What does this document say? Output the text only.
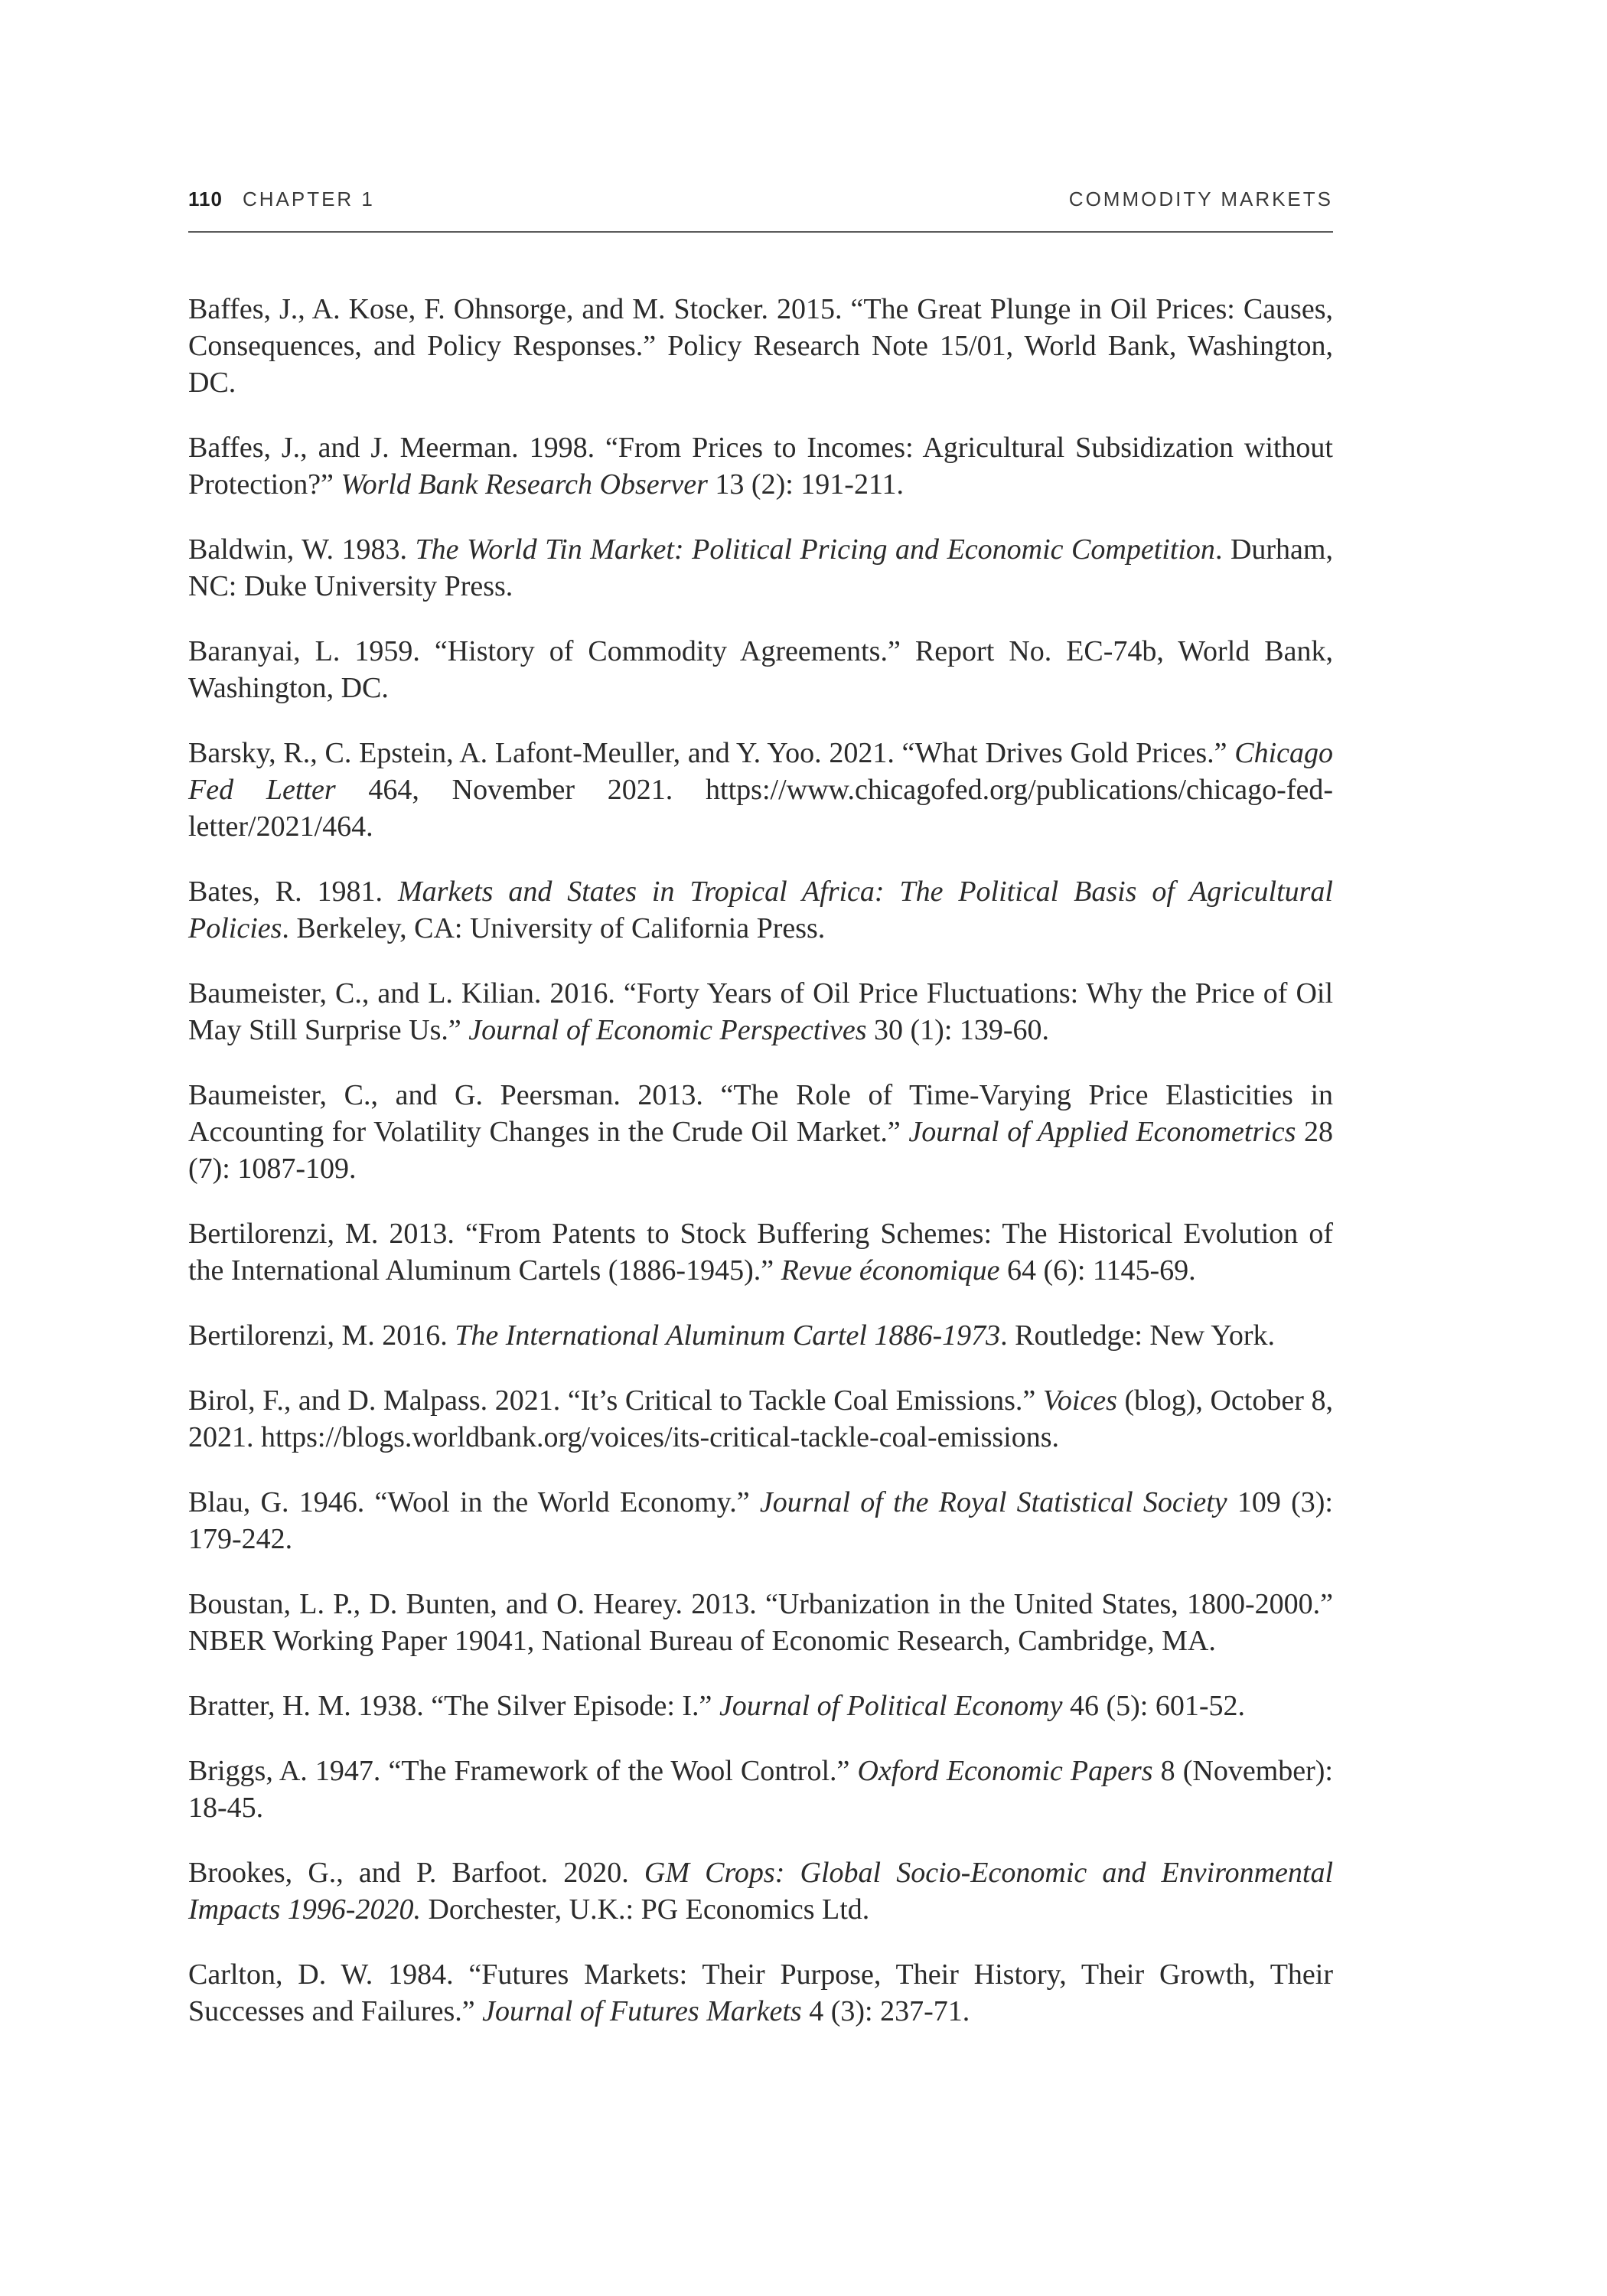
110 CHAPTER 1	COMMODITY MARKETS

Baffes, J., A. Kose, F. Ohnsorge, and M. Stocker. 2015. “The Great Plunge in Oil Prices: Causes, Consequences, and Policy Responses.” Policy Research Note 15/01, World Bank, Washington, DC.

Baffes, J., and J. Meerman. 1998. “From Prices to Incomes: Agricultural Subsidization without Protection?” World Bank Research Observer 13 (2): 191-211.

Baldwin, W. 1983. The World Tin Market: Political Pricing and Economic Competition. Durham, NC: Duke University Press.

Baranyai, L. 1959. “History of Commodity Agreements.” Report No. EC-74b, World Bank, Washington, DC.

Barsky, R., C. Epstein, A. Lafont-Meuller, and Y. Yoo. 2021. “What Drives Gold Prices.” Chicago Fed Letter 464, November 2021. https://www.chicagofed.org/publications/chicago-fed-letter/2021/464.

Bates, R. 1981. Markets and States in Tropical Africa: The Political Basis of Agricultural Policies. Berkeley, CA: University of California Press.

Baumeister, C., and L. Kilian. 2016. “Forty Years of Oil Price Fluctuations: Why the Price of Oil May Still Surprise Us.” Journal of Economic Perspectives 30 (1): 139-60.

Baumeister, C., and G. Peersman. 2013. “The Role of Time-Varying Price Elasticities in Accounting for Volatility Changes in the Crude Oil Market.” Journal of Applied Econometrics 28 (7): 1087-109.

Bertilorenzi, M. 2013. “From Patents to Stock Buffering Schemes: The Historical Evolution of the International Aluminum Cartels (1886-1945).” Revue économique 64 (6): 1145-69.

Bertilorenzi, M. 2016. The International Aluminum Cartel 1886-1973. Routledge: New York.

Birol, F., and D. Malpass. 2021. “It’s Critical to Tackle Coal Emissions.” Voices (blog), October 8, 2021. https://blogs.worldbank.org/voices/its-critical-tackle-coal-emissions.

Blau, G. 1946. “Wool in the World Economy.” Journal of the Royal Statistical Society 109 (3): 179-242.

Boustan, L. P., D. Bunten, and O. Hearey. 2013. “Urbanization in the United States, 1800-2000.” NBER Working Paper 19041, National Bureau of Economic Research, Cambridge, MA.

Bratter, H. M. 1938. “The Silver Episode: I.” Journal of Political Economy 46 (5): 601-52.

Briggs, A. 1947. “The Framework of the Wool Control.” Oxford Economic Papers 8 (November): 18-45.

Brookes, G., and P. Barfoot. 2020. GM Crops: Global Socio-Economic and Environmental Impacts 1996-2020. Dorchester, U.K.: PG Economics Ltd.

Carlton, D. W. 1984. “Futures Markets: Their Purpose, Their History, Their Growth, Their Successes and Failures.” Journal of Futures Markets 4 (3): 237-71.
